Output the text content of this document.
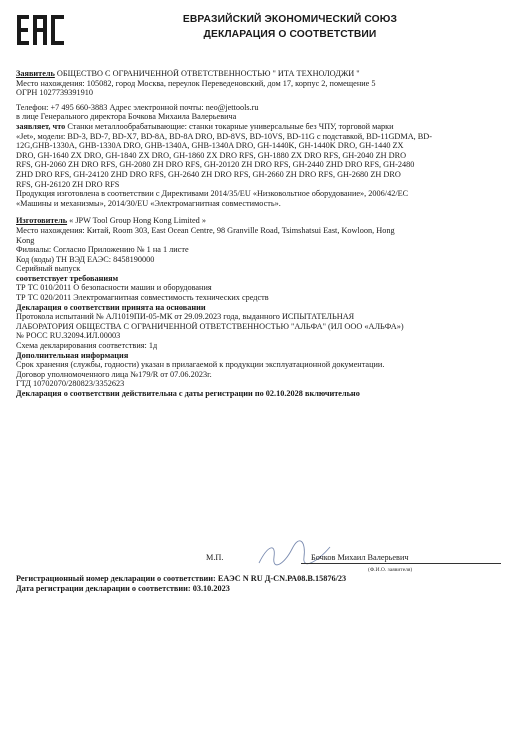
ЕВРАЗИЙСКИЙ ЭКОНОМИЧЕСКИЙ СОЮЗ
ДЕКЛАРАЦИЯ О СООТВЕТСТВИИ
Заявитель ОБЩЕСТВО С ОГРАНИЧЕННОЙ ОТВЕТСТВЕННОСТЬЮ " ИТА ТЕХНОЛОДЖИ "
Место нахождения: 105082, город Москва, переулок Переведеновский, дом 17, корпус 2, помещение 5
ОГРН 1027739391910
Телефон: +7 495 660-3883 Адрес электронной почты: neo@jettools.ru
в лице Генерального директора Бочкова Михаила Валерьевича
заявляет, что Станки металлообрабатывающие: станки токарные универсальные без ЧПУ, торговой марки
«Jet», модели: BD-3, BD-7, BD-X7, BD-8A, BD-8A DRO, BD-8VS, BD-10VS, BD-11G с подставкой, BD-11GDMA, BD-
12G,GHB-1330A, GHB-1330A DRO, GHB-1340A, GHB-1340A DRO, GH-1440K, GH-1440K DRO, GH-1440 ZX
DRO, GH-1640 ZX DRO, GH-1840 ZX DRO, GH-1860 ZX DRO RFS, GH-1880 ZX DRO RFS, GH-2040 ZH DRO
RFS, GH-2060 ZH DRO RFS, GH-2080 ZH DRO RFS, GH-20120 ZH DRO RFS, GH-2440 ZHD DRO RFS, GH-2480
ZHD DRO RFS, GH-24120 ZHD DRO RFS, GH-2640 ZH DRO RFS, GH-2660 ZH DRO RFS, GH-2680 ZH DRO
RFS, GH-26120 ZH DRO RFS
Продукция изготовлена в соответствии с Директивами 2014/35/EU «Низковольтное оборудование», 2006/42/EC
«Машины и механизмы», 2014/30/EU «Электромагнитная совместимость».
Изготовитель « JPW Tool Group Hong Kong Limited »
Место нахождения: Китай, Room 303, East Ocean Centre, 98 Granville Road, Tsimshatsui East, Kowloon, Hong
Kong
Филиалы: Согласно Приложению № 1 на 1 листе
Код (коды) ТН ВЭД ЕАЭС: 8458190000
Серийный выпуск
соответствует требованиям
ТР ТС 010/2011 О безопасности машин и оборудования
ТР ТС 020/2011 Электромагнитная совместимость технических средств
Декларация о соответствии принята на основании
Протокола испытаний № АЛ1019ПИ-05-МК от 29.09.2023 года, выданного ИСПЫТАТЕЛЬНАЯ
ЛАБОРАТОРИЯ ОБЩЕСТВА С ОГРАНИЧЕННОЙ ОТВЕТСТВЕННОСТЬЮ "АЛЬФА" (ИЛ ООО «АЛЬФА»)
№ РОСС RU.32094.ИЛ.00003
Схема декларирования соответствия: 1д
Дополнительная информация
Срок хранения (службы, годности) указан в прилагаемой к продукции эксплуатационной документации.
Договор уполномоченного лица №179/R от 07.06.2023г.
ГТД 10702070/280823/3352623
Декларация о соответствии действительна с даты регистрации по 02.10.2028 включительно
М.П.	Бочков Михаил Валерьевич
(Ф.И.О. заявителя)
Регистрационный номер декларации о соответствии: ЕАЭС N RU Д-CN.РА08.В.15876/23
Дата регистрации декларации о соответствии: 03.10.2023
